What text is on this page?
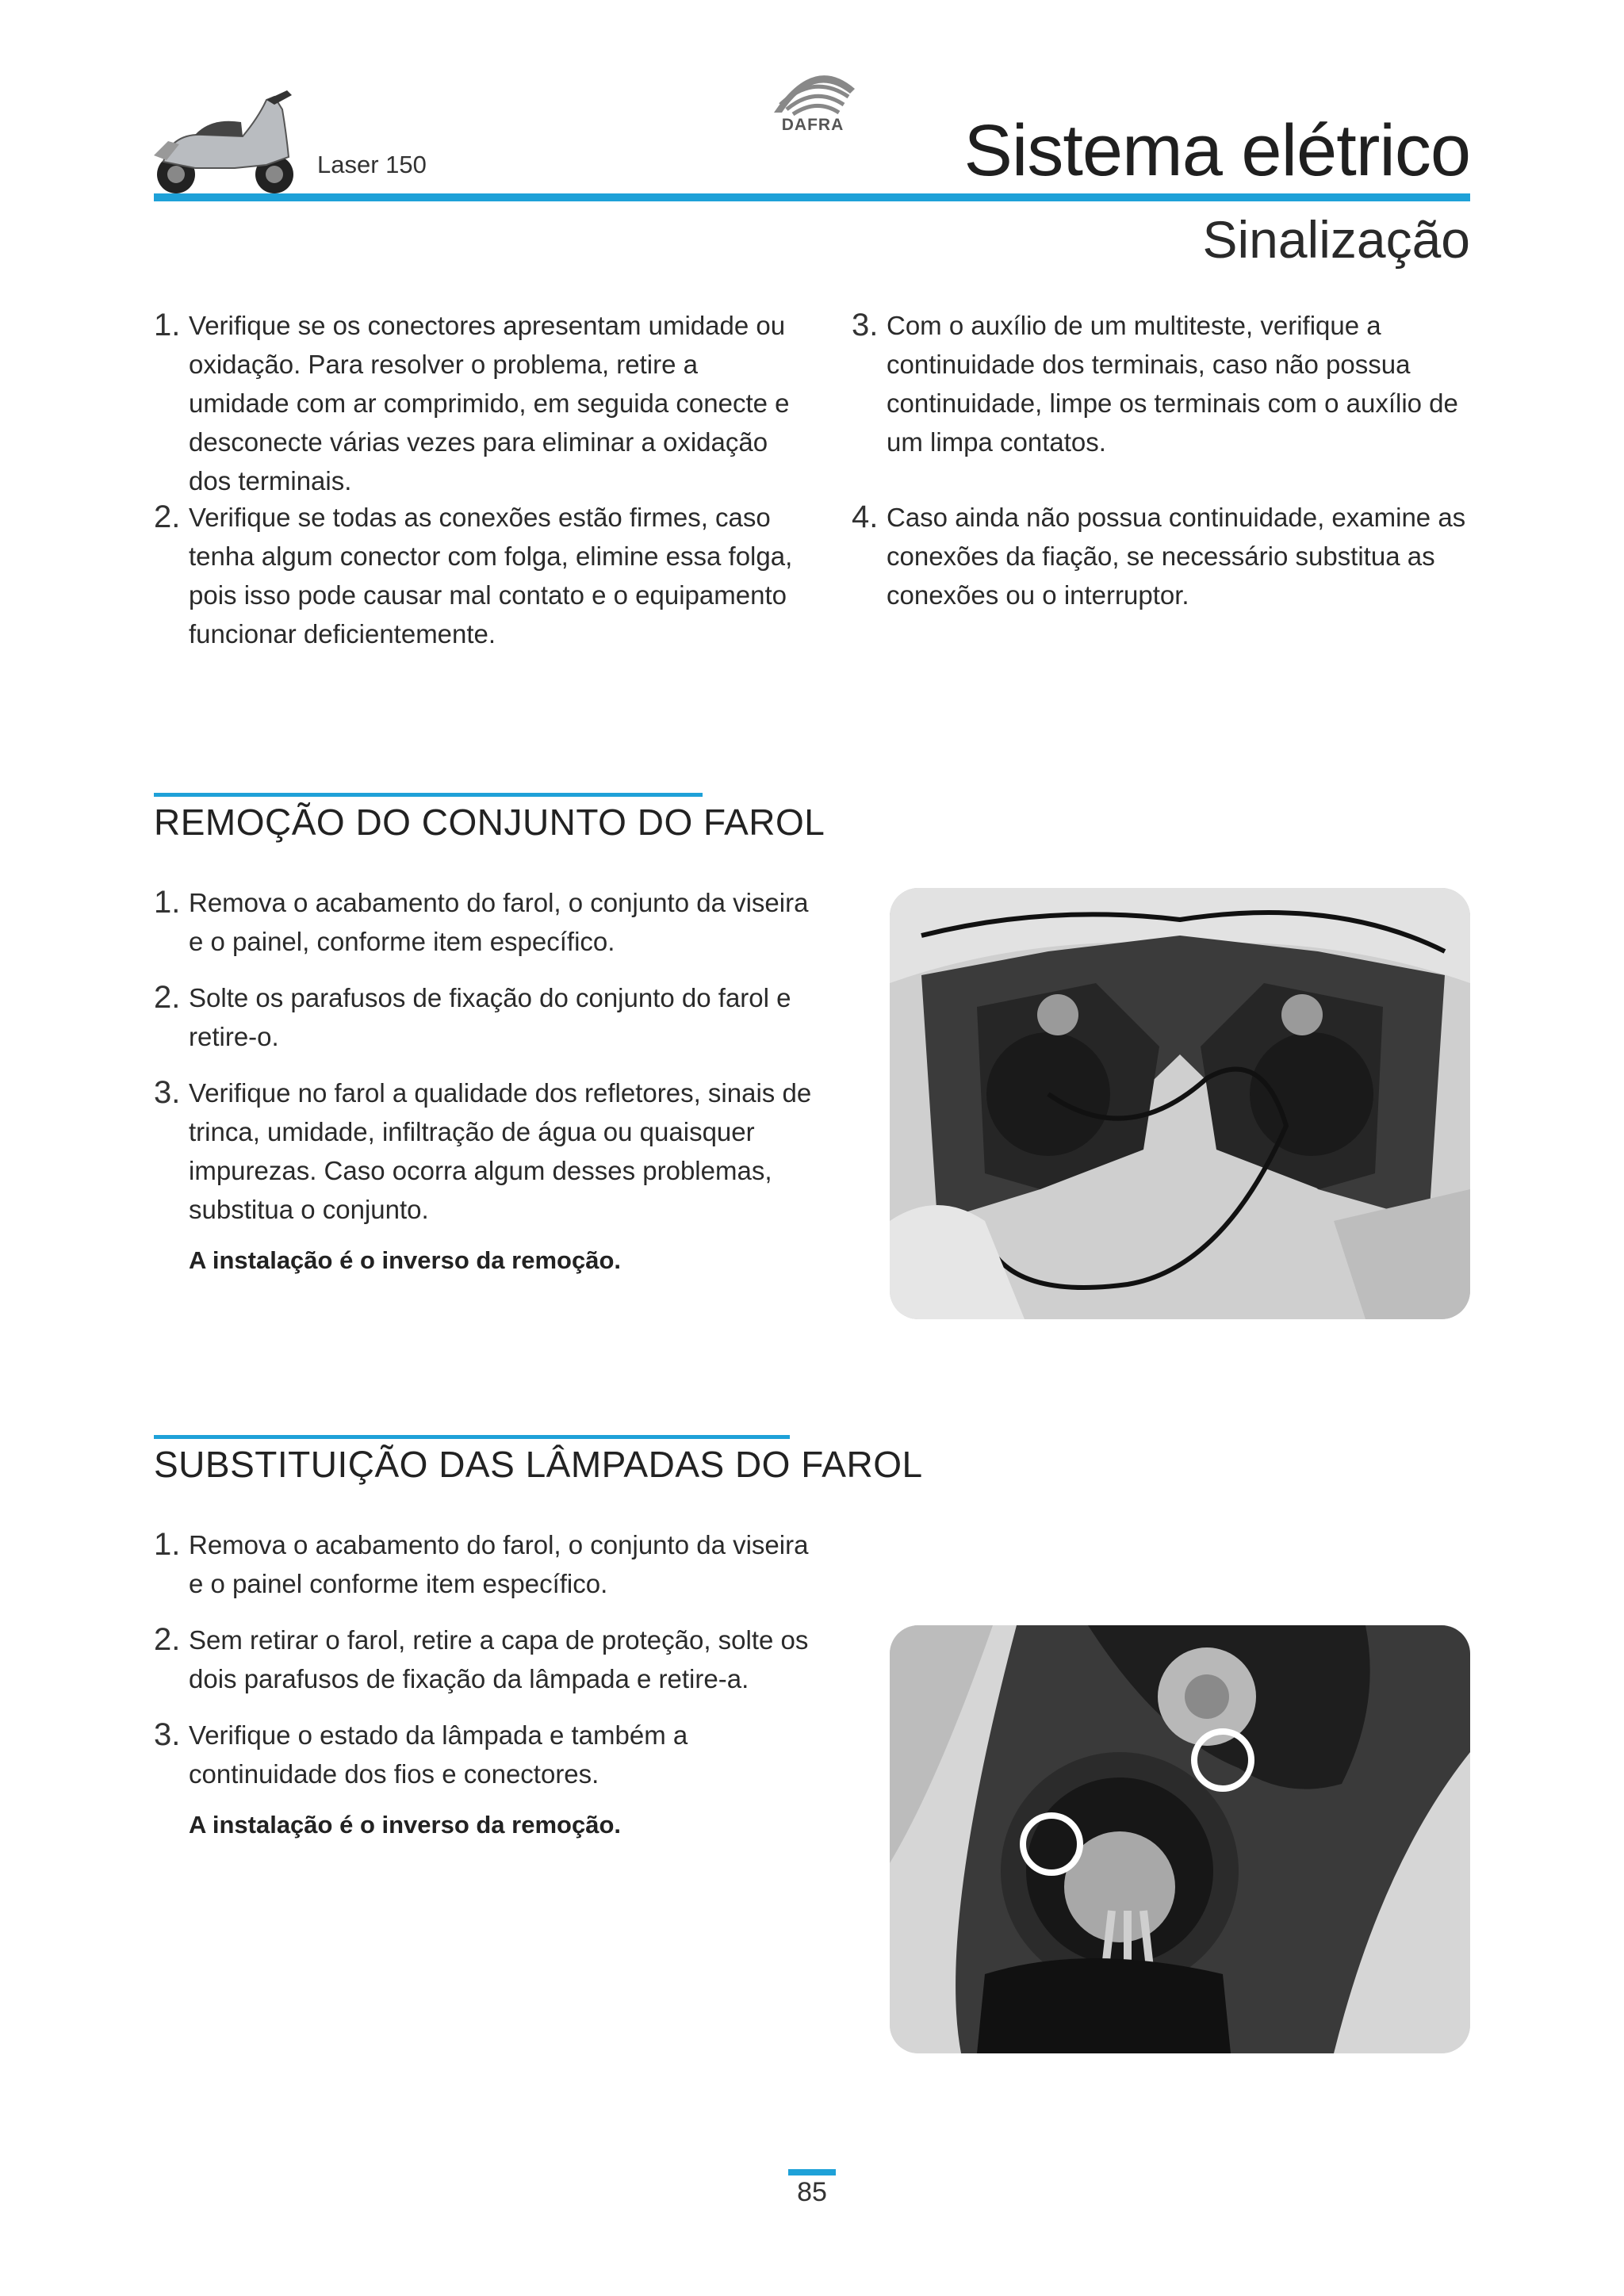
Laser 150
DAFRA Sistema elétrico
Sinalização
1. Verifique se os conectores apresentam umidade ou oxidação. Para resolver o problema, retire a umidade com ar comprimido, em seguida conecte e desconecte várias vezes para eliminar a oxidação dos terminais.
2. Verifique se todas as conexões estão firmes, caso tenha algum conector com folga, elimine essa folga, pois isso pode causar mal contato e o equipamento funcionar deficientemente.
3. Com o auxílio de um multiteste, verifique a continuidade dos terminais, caso não possua continuidade, limpe os terminais com o auxílio de um limpa contatos.
4. Caso ainda não possua continuidade, examine as conexões da fiação, se necessário substitua as conexões ou o interruptor.
REMOÇÃO DO CONJUNTO DO FAROL
1. Remova o acabamento do farol, o conjunto da viseira e o painel, conforme item específico.
2. Solte os parafusos de fixação do conjunto do farol e retire-o.
3. Verifique no farol a qualidade dos refletores, sinais de trinca, umidade, infiltração de água ou quaisquer impurezas. Caso ocorra algum desses problemas, substitua o conjunto.
A instalação é o inverso da remoção.
SUBSTITUIÇÃO DAS LÂMPADAS DO FAROL
1. Remova o acabamento do farol, o conjunto da viseira e o painel conforme item específico.
2. Sem retirar o farol, retire a capa de proteção, solte os dois parafusos de fixação da lâmpada e retire-a.
3. Verifique o estado da lâmpada e também a continuidade dos fios e conectores.
A instalação é o inverso da remoção.
85
